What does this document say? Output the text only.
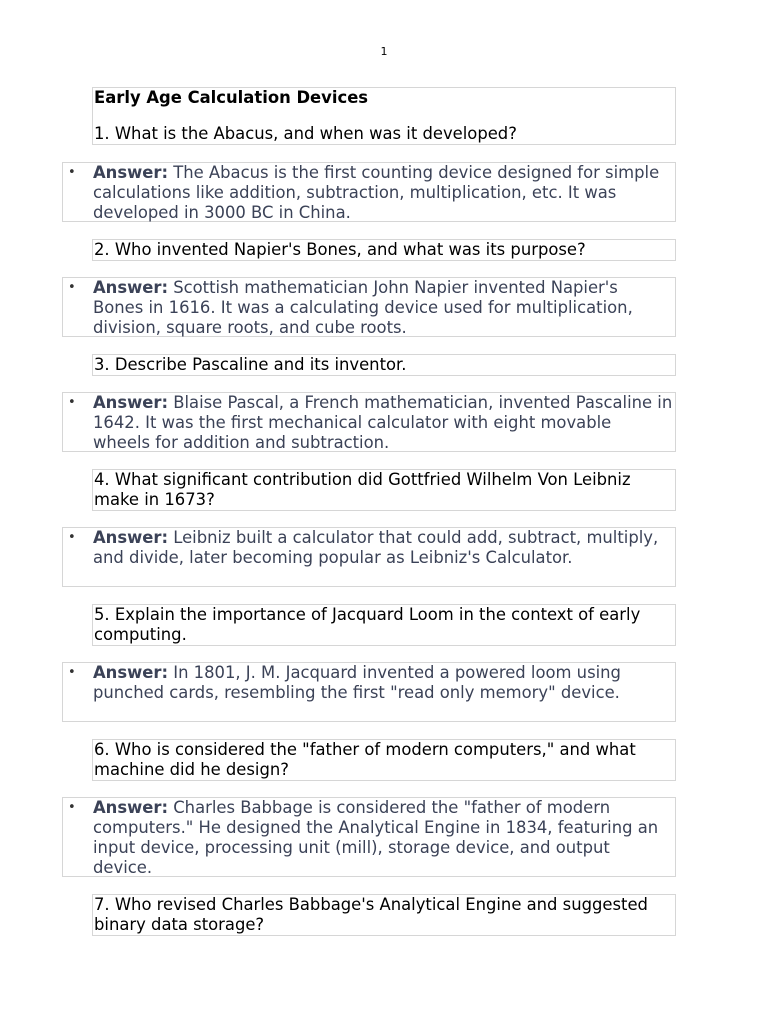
1
Early Age Calculation Devices
1. What is the Abacus, and when was it developed?
• Answer: The Abacus is the first counting device designed for simple calculations like addition, subtraction, multiplication, etc. It was developed in 3000 BC in China.
2. Who invented Napier's Bones, and what was its purpose?
• Answer: Scottish mathematician John Napier invented Napier's Bones in 1616. It was a calculating device used for multiplication, division, square roots, and cube roots.
3. Describe Pascaline and its inventor.
• Answer: Blaise Pascal, a French mathematician, invented Pascaline in 1642. It was the first mechanical calculator with eight movable wheels for addition and subtraction.
4. What significant contribution did Gottfried Wilhelm Von Leibniz make in 1673?
• Answer: Leibniz built a calculator that could add, subtract, multiply, and divide, later becoming popular as Leibniz's Calculator.
5. Explain the importance of Jacquard Loom in the context of early computing.
• Answer: In 1801, J. M. Jacquard invented a powered loom using punched cards, resembling the first "read only memory" device.
6. Who is considered the "father of modern computers," and what machine did he design?
• Answer: Charles Babbage is considered the "father of modern computers." He designed the Analytical Engine in 1834, featuring an input device, processing unit (mill), storage device, and output device.
7. Who revised Charles Babbage's Analytical Engine and suggested binary data storage?
